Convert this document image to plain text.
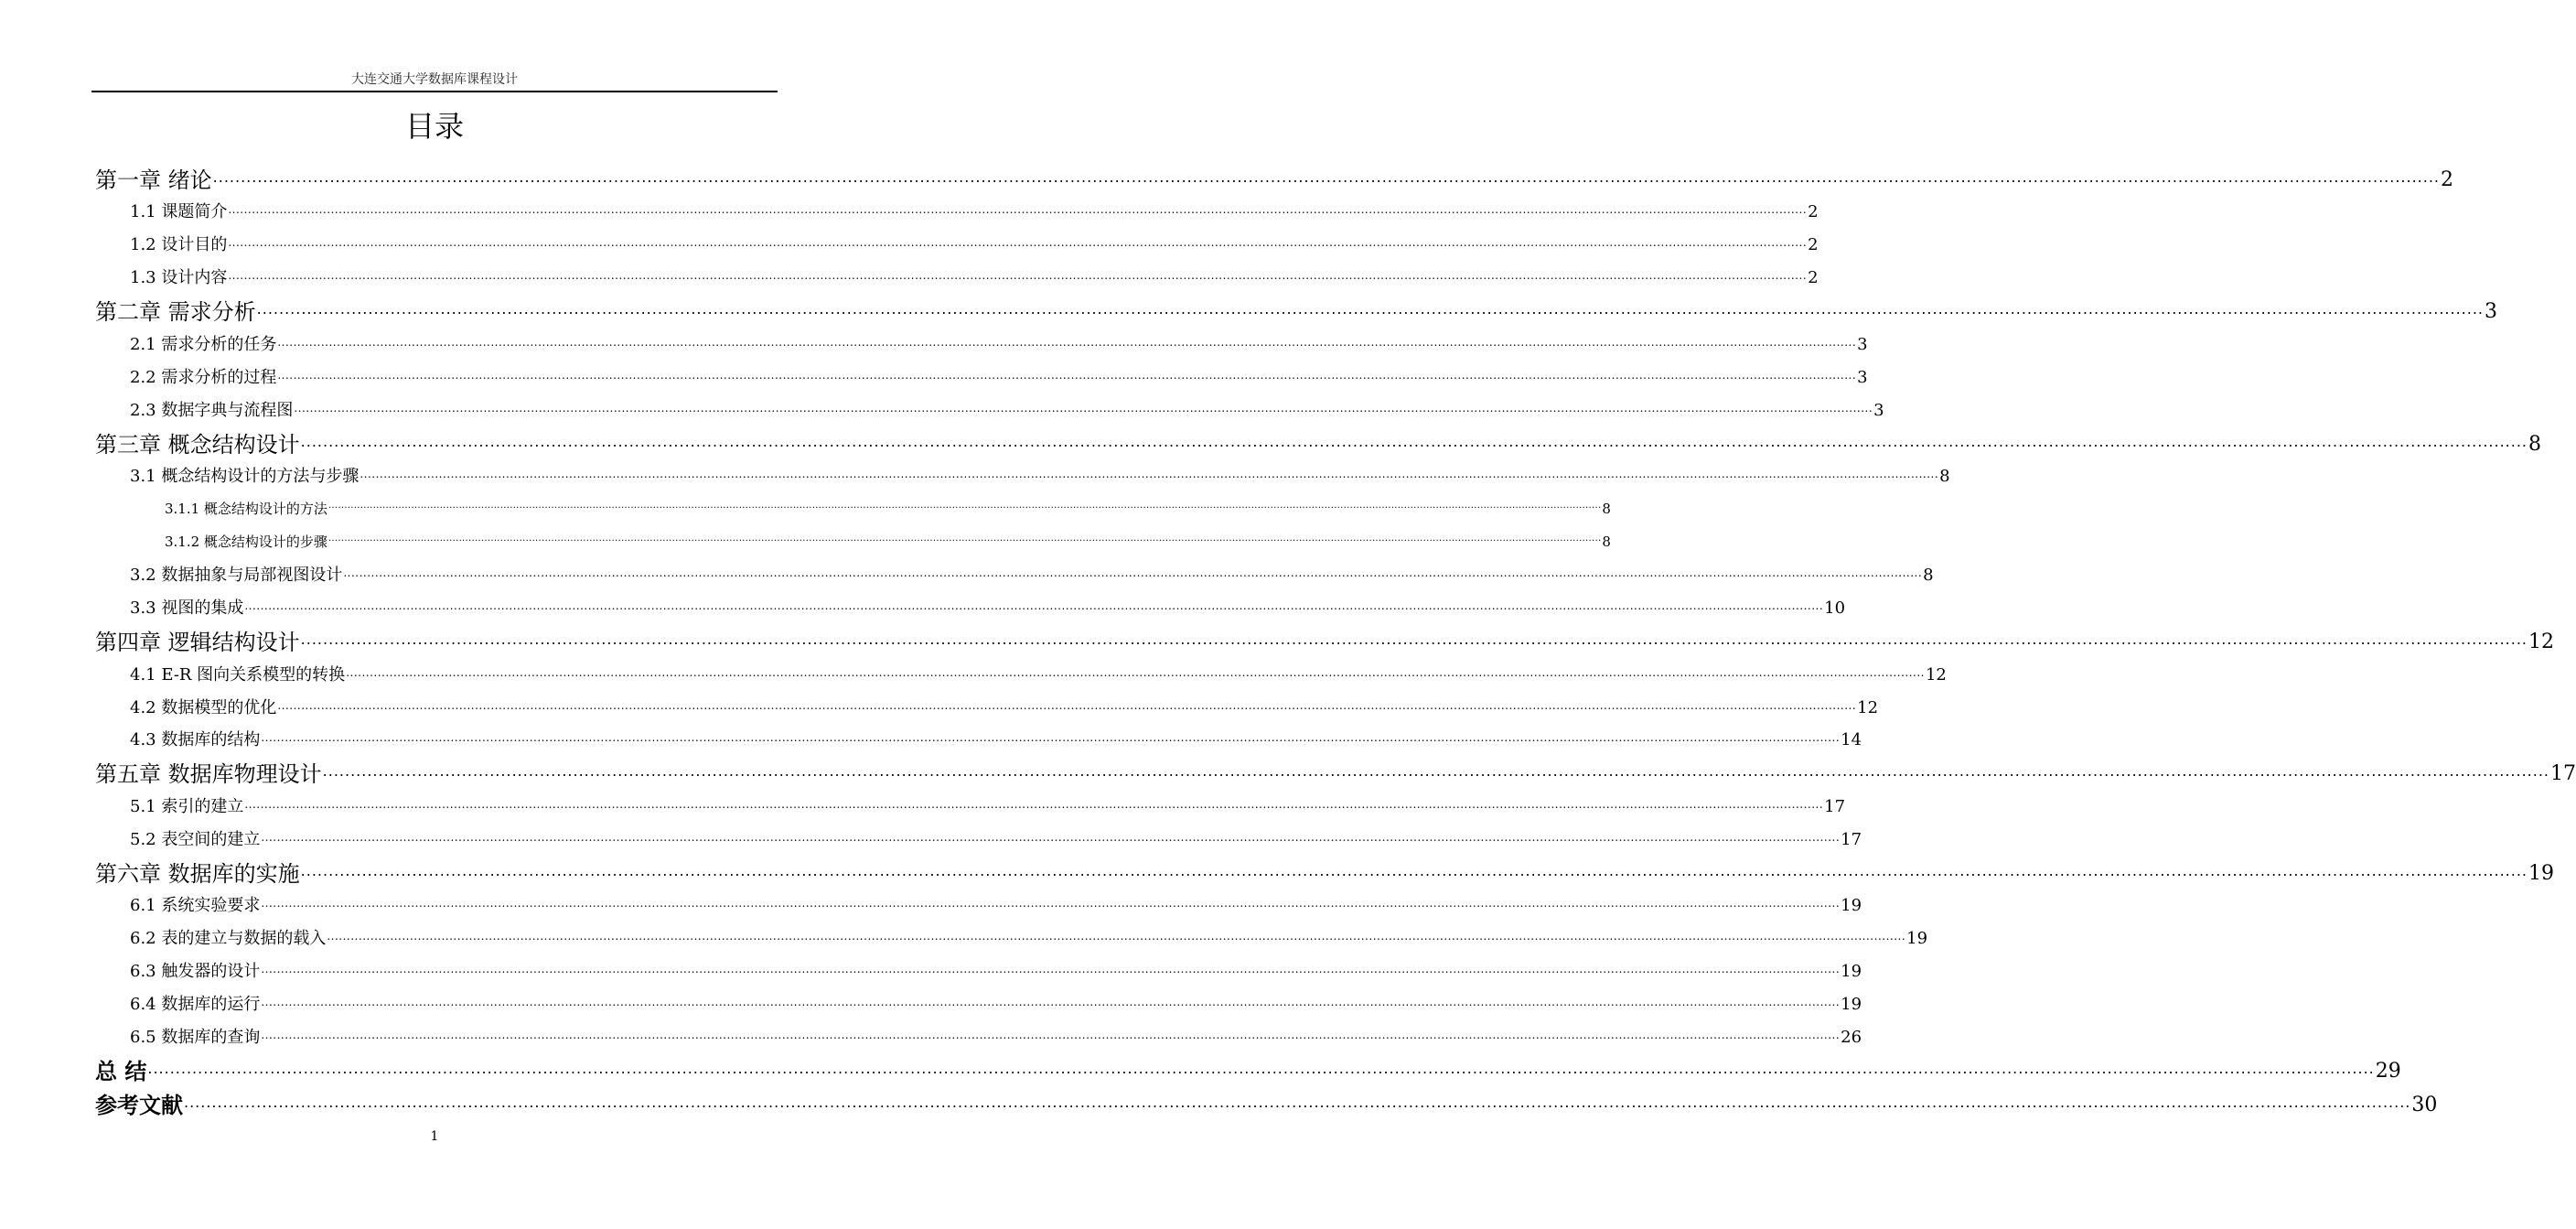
大连交通大学数据库课程设计
目录
第一章 绪论 ................................................................................................................................................................................................................................................................................................................................................................................................................ 2
1.1 课题简介 ................................................................................................................................................................................................................................................................................................................................................................................................................ 2
1.2 设计目的 ................................................................................................................................................................................................................................................................................................................................................................................................................ 2
1.3 设计内容 ................................................................................................................................................................................................................................................................................................................................................................................................................ 2
第二章 需求分析 ................................................................................................................................................................................................................................................................................................................................................................................................................ 3
2.1 需求分析的任务 ................................................................................................................................................................................................................................................................................................................................................................................................................ 3
2.2 需求分析的过程 ................................................................................................................................................................................................................................................................................................................................................................................................................ 3
2.3 数据字典与流程图 ................................................................................................................................................................................................................................................................................................................................................................................................................ 3
第三章 概念结构设计 ................................................................................................................................................................................................................................................................................................................................................................................................................ 8
3.1 概念结构设计的方法与步骤 ................................................................................................................................................................................................................................................................................................................................................................................................................ 8
3.1.1 概念结构设计的方法 ................................................................................................................................................................................................................................................................................................................................................................................................................ 8
3.1.2 概念结构设计的步骤 ................................................................................................................................................................................................................................................................................................................................................................................................................ 8
3.2 数据抽象与局部视图设计 ................................................................................................................................................................................................................................................................................................................................................................................................................ 8
3.3 视图的集成 ................................................................................................................................................................................................................................................................................................................................................................................................................ 10
第四章 逻辑结构设计 ................................................................................................................................................................................................................................................................................................................................................................................................................ 12
4.1 E-R 图向关系模型的转换 ................................................................................................................................................................................................................................................................................................................................................................................................................ 12
4.2 数据模型的优化 ................................................................................................................................................................................................................................................................................................................................................................................................................ 12
4.3 数据库的结构 ................................................................................................................................................................................................................................................................................................................................................................................................................ 14
第五章 数据库物理设计 ................................................................................................................................................................................................................................................................................................................................................................................................................ 17
5.1 索引的建立 ................................................................................................................................................................................................................................................................................................................................................................................................................ 17
5.2 表空间的建立 ................................................................................................................................................................................................................................................................................................................................................................................................................ 17
第六章 数据库的实施 ................................................................................................................................................................................................................................................................................................................................................................................................................ 19
6.1 系统实验要求 ................................................................................................................................................................................................................................................................................................................................................................................................................ 19
6.2 表的建立与数据的载入 ................................................................................................................................................................................................................................................................................................................................................................................................................ 19
6.3 触发器的设计 ................................................................................................................................................................................................................................................................................................................................................................................................................ 19
6.4 数据库的运行 ................................................................................................................................................................................................................................................................................................................................................................................................................ 19
6.5 数据库的查询 ................................................................................................................................................................................................................................................................................................................................................................................................................ 26
总 结 ................................................................................................................................................................................................................................................................................................................................................................................................................ 29
参考文献 ................................................................................................................................................................................................................................................................................................................................................................................................................ 30
1
